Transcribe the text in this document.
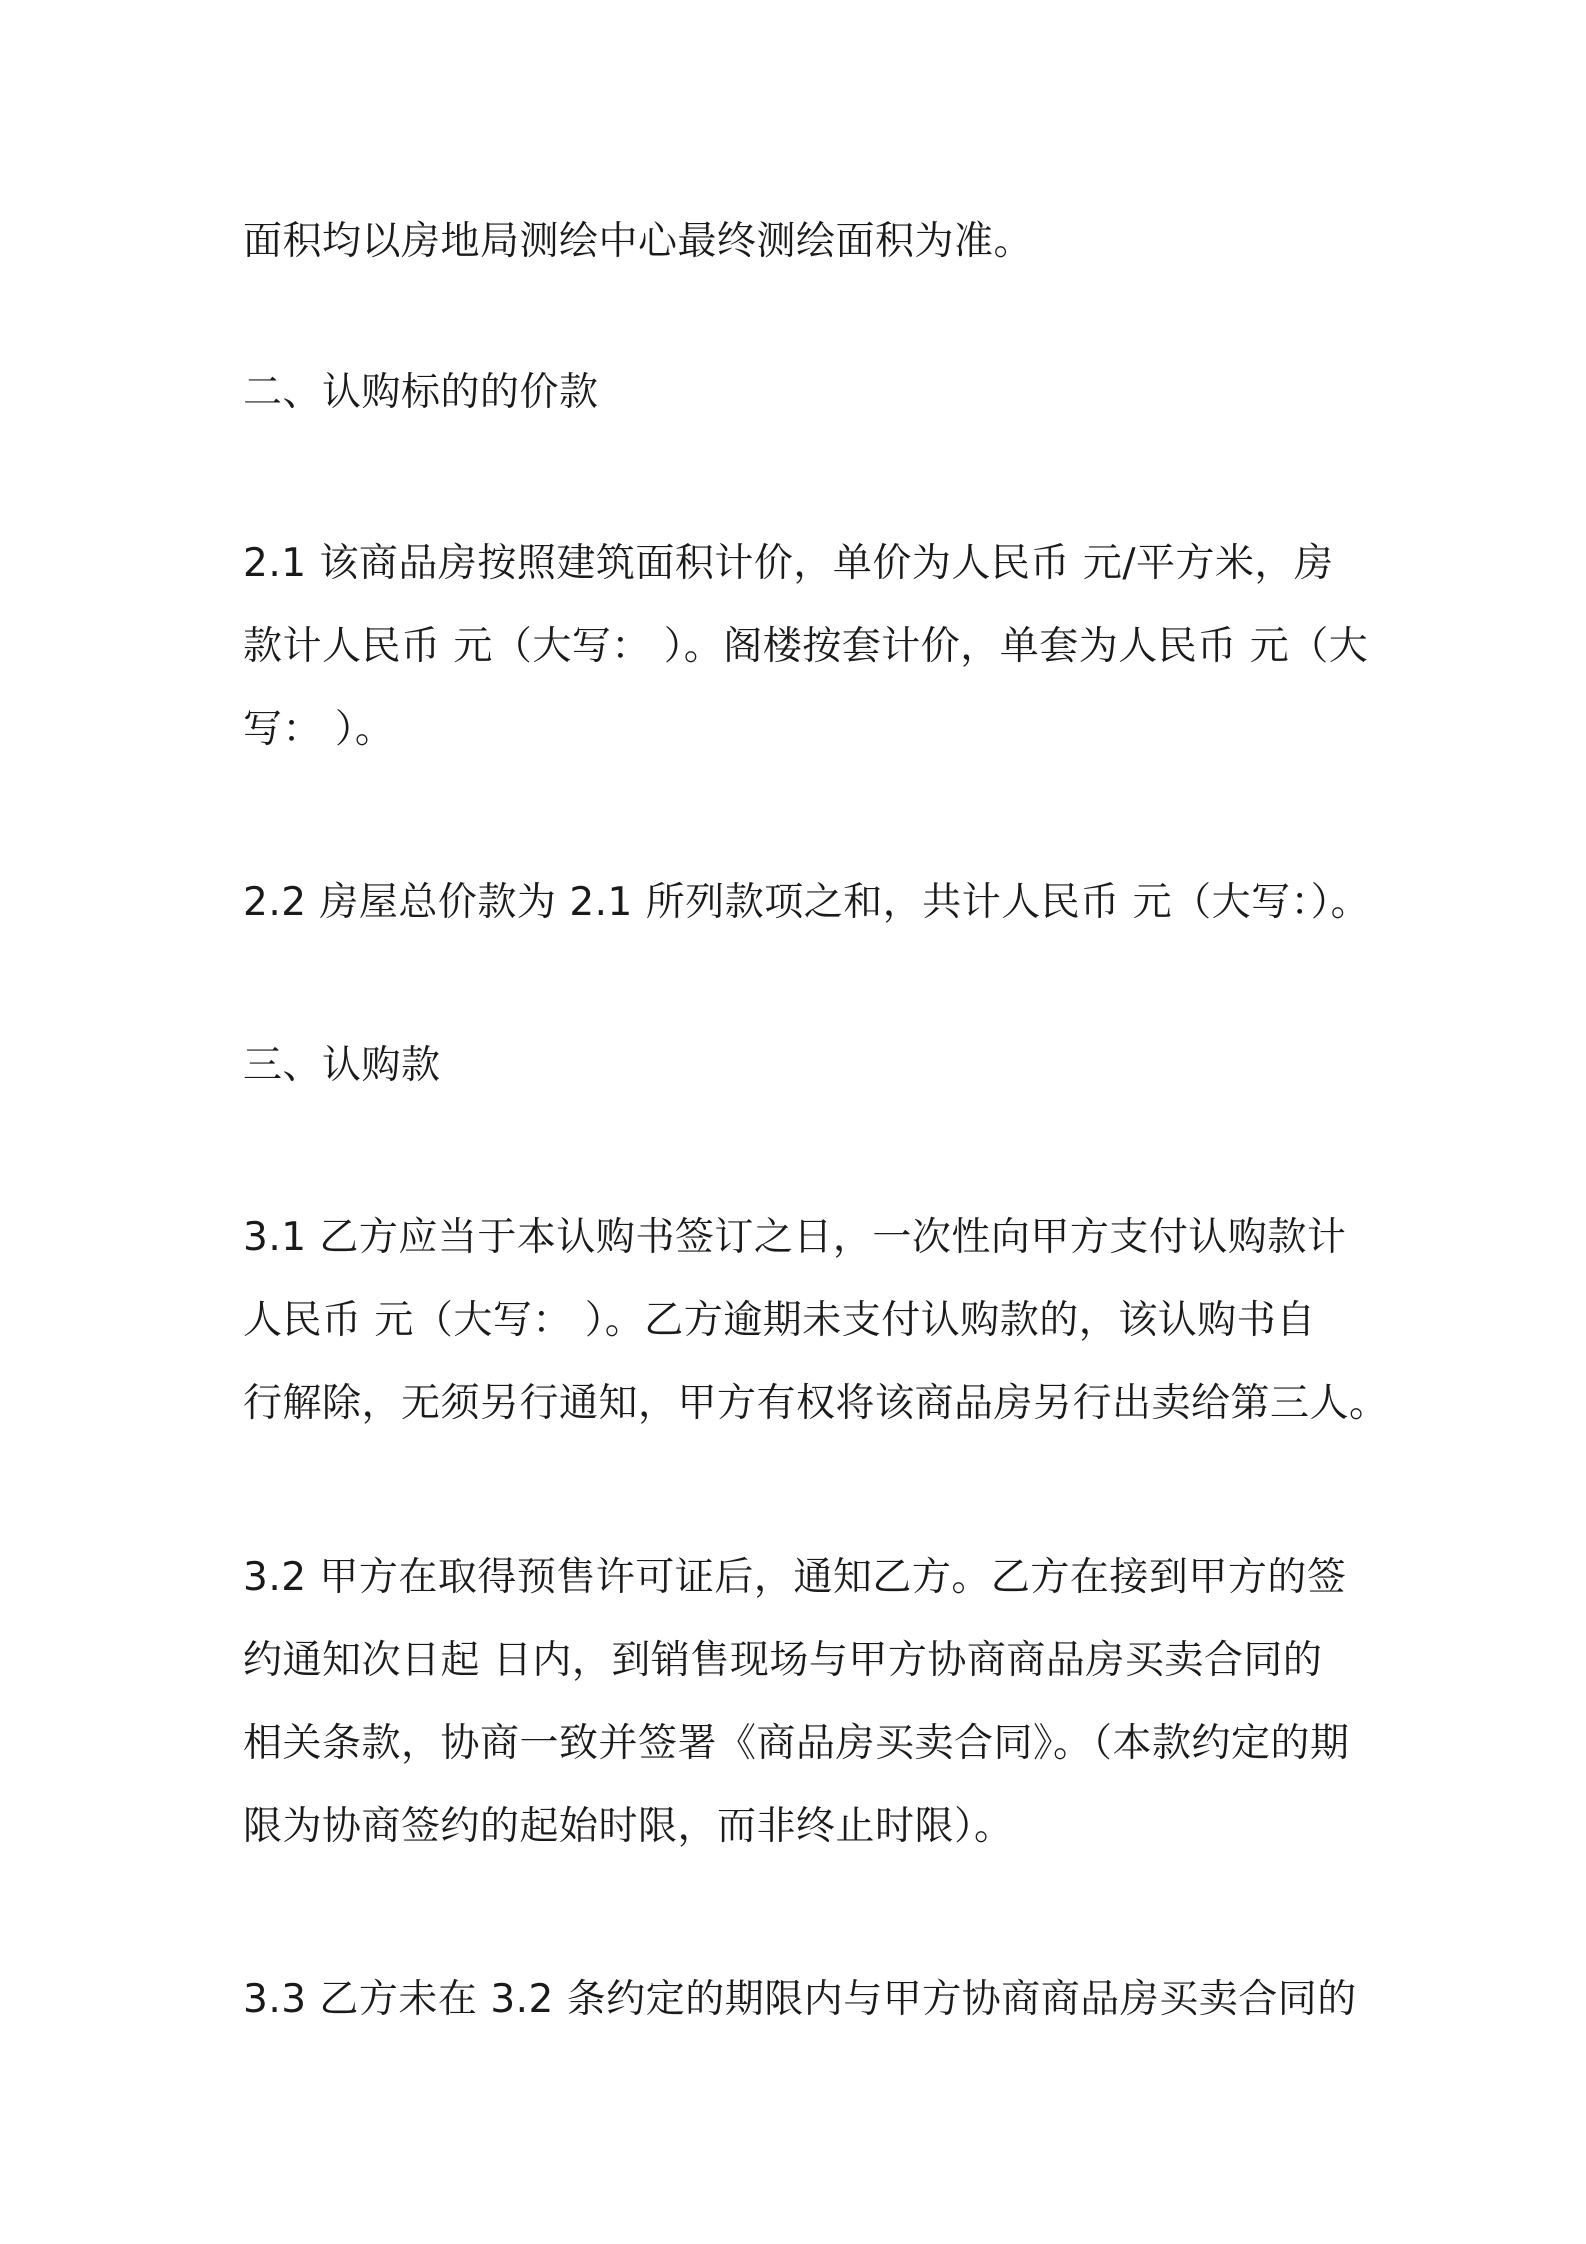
面积均以房地局测绘中心最终测绘面积为准。
二、认购标的的价款
2.1 该商品房按照建筑面积计价，单价为人民币 元/平方米，房
款计人民币 元（大写： ）。阁楼按套计价，单套为人民币 元（大
写： ）。
2.2 房屋总价款为 2.1 所列款项之和，共计人民币 元（大写：）。
三、认购款
3.1 乙方应当于本认购书签订之日，一次性向甲方支付认购款计
人民币 元（大写： ）。乙方逾期未支付认购款的，该认购书自
行解除，无须另行通知，甲方有权将该商品房另行出卖给第三人。
3.2 甲方在取得预售许可证后，通知乙方。乙方在接到甲方的签
约通知次日起 日内，到销售现场与甲方协商商品房买卖合同的
相关条款，协商一致并签署《商品房买卖合同》。（本款约定的期
限为协商签约的起始时限，而非终止时限）。
3.3 乙方未在 3.2 条约定的期限内与甲方协商商品房买卖合同的
